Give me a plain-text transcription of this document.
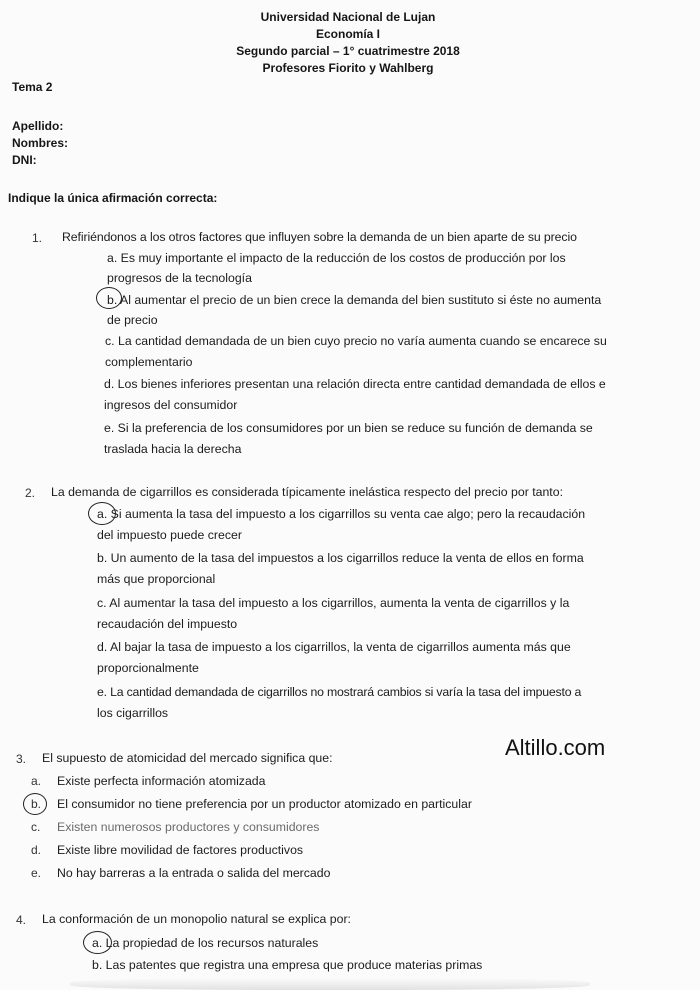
Universidad Nacional de Lujan
Economía I
Segundo parcial – 1° cuatrimestre 2018
Profesores Fiorito y Wahlberg
Tema 2
Apellido:
Nombres:
DNI:
Indique la única afirmación correcta:
1. Refiriéndonos a los otros factores que influyen sobre la demanda de un bien aparte de su precio
a. Es muy importante el impacto de la reducción de los costos de producción por los
progresos de la tecnología
b. Al aumentar el precio de un bien crece la demanda del bien sustituto si éste no aumenta
de precio
c. La cantidad demandada de un bien cuyo precio no varía aumenta cuando se encarece su
complementario
d. Los bienes inferiores presentan una relación directa entre cantidad demandada de ellos e
ingresos del consumidor
e. Si la preferencia de los consumidores por un bien se reduce su función de demanda se
traslada hacia la derecha
2. La demanda de cigarrillos es considerada típicamente inelástica respecto del precio por tanto:
a. Si aumenta la tasa del impuesto a los cigarrillos su venta cae algo; pero la recaudación
del impuesto puede crecer
b. Un aumento de la tasa del impuestos a los cigarrillos reduce la venta de ellos en forma
más que proporcional
c. Al aumentar la tasa del impuesto a los cigarrillos, aumenta la venta de cigarrillos y la
recaudación del impuesto
d. Al bajar la tasa de impuesto a los cigarrillos, la venta de cigarrillos aumenta más que
proporcionalmente
e. La cantidad demandada de cigarrillos no mostrará cambios si varía la tasa del impuesto a
los cigarrillos
3. El supuesto de atomicidad del mercado significa que:
a. Existe perfecta información atomizada
b. El consumidor no tiene preferencia por un productor atomizado en particular
c. Existen numerosos productores y consumidores
d. Existe libre movilidad de factores productivos
e. No hay barreras a la entrada o salida del mercado
4. La conformación de un monopolio natural se explica por:
a. La propiedad de los recursos naturales
b. Las patentes que registra una empresa que produce materias primas
Altillo.com
